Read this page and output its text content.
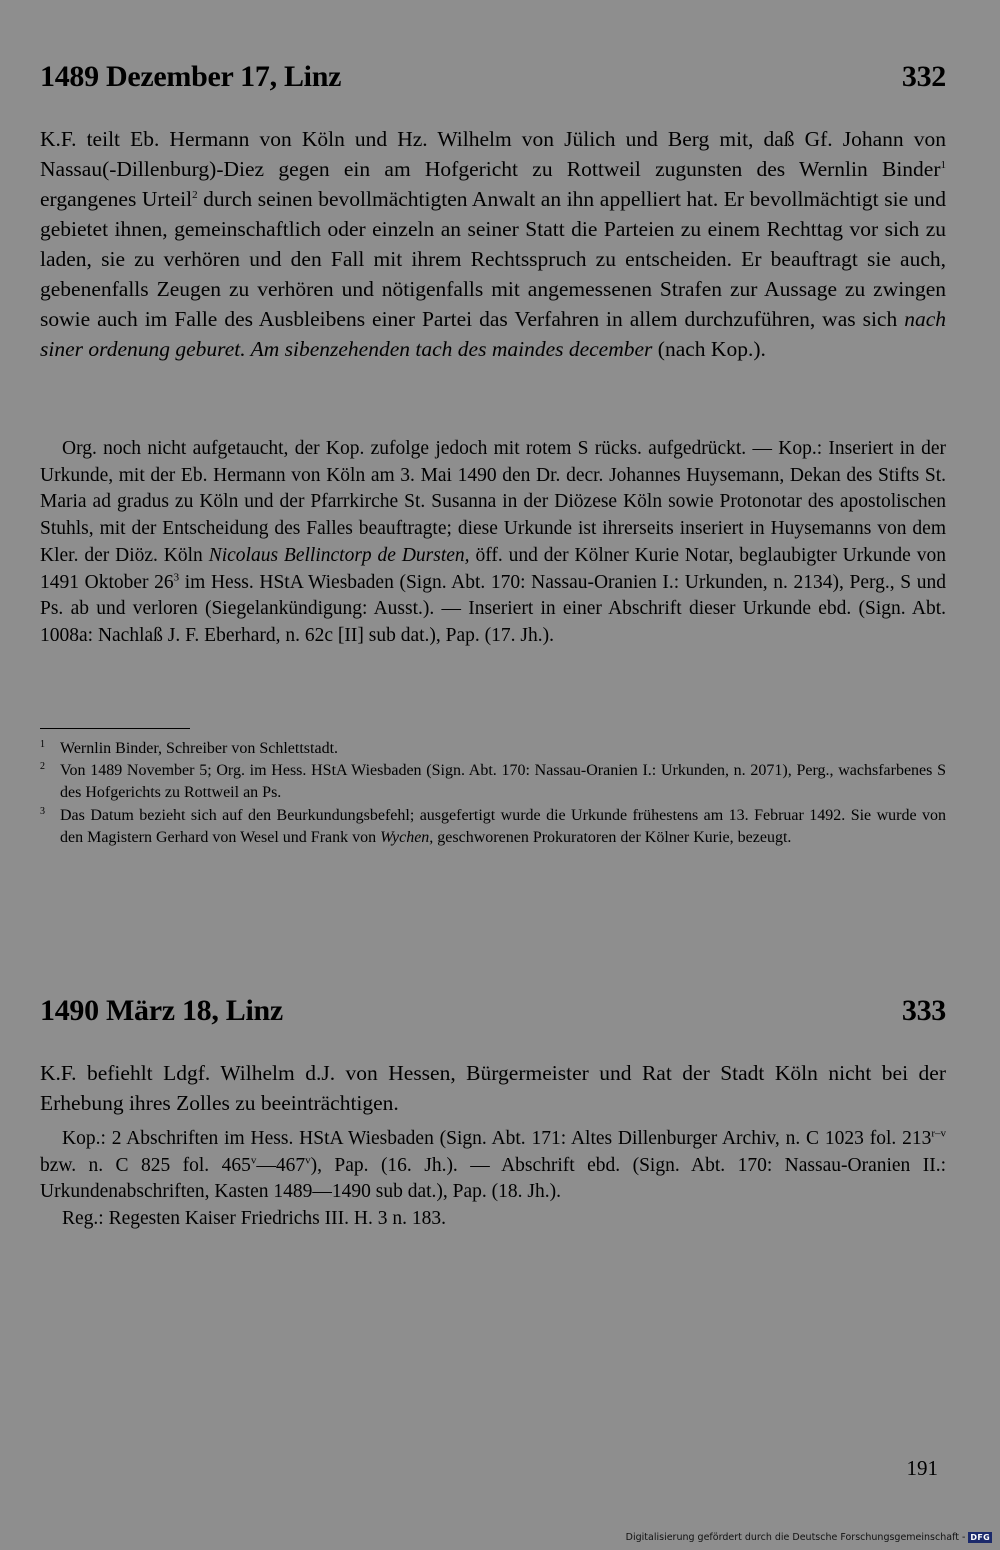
1489 Dezember 17, Linz	332

K.F. teilt Eb. Hermann von Köln und Hz. Wilhelm von Jülich und Berg mit, daß Gf. Johann von Nassau(-Dillenburg)-Diez gegen ein am Hofgericht zu Rottweil zugunsten des Wernlin Binder$^1$ ergangenes Urteil$^2$ durch seinen bevollmächtigten Anwalt an ihn appelliert hat. Er bevollmächtigt sie und gebietet ihnen, gemeinschaftlich oder einzeln an seiner Statt die Parteien zu einem Rechttag vor sich zu laden, sie zu verhören und den Fall mit ihrem Rechtsspruch zu entscheiden. Er beauftragt sie auch, gebenenfalls Zeugen zu verhören und nötigenfalls mit angemessenen Strafen zur Aussage zu zwingen sowie auch im Falle des Ausbleibens einer Partei das Verfahren in allem durchzuführen, was sich nach siner ordenung geburet. Am sibenzehenden tach des maindes december (nach Kop.).

Org. noch nicht aufgetaucht, der Kop. zufolge jedoch mit rotem S rücks. aufgedrückt. — Kop.: Inseriert in der Urkunde, mit der Eb. Hermann von Köln am 3. Mai 1490 den Dr. decr. Johannes Huysemann, Dekan des Stifts St. Maria ad gradus zu Köln und der Pfarrkirche St. Susanna in der Diözese Köln sowie Protonotar des apostolischen Stuhls, mit der Entscheidung des Falles beauftragte; diese Urkunde ist ihrerseits inseriert in Huysemanns von dem Kler. der Diöz. Köln Nicolaus Bellinctorp de Dursten, öff. und der Kölner Kurie Notar, beglaubigter Urkunde von 1491 Oktober $26^3$ im Hess. HStA Wiesbaden (Sign. Abt. 170: Nassau-Oranien I.: Urkunden, n. 2134), Perg., S und Ps. ab und verloren (Siegelankündigung: Ausst.). — Inseriert in einer Abschrift dieser Urkunde ebd. (Sign. Abt. 1008a: Nachlaß J. F. Eberhard, n. 62c [II] sub dat.), Pap. (17. Jh.).

1 Wernlin Binder, Schreiber von Schlettstadt.
2 Von 1489 November 5; Org. im Hess. HStA Wiesbaden (Sign. Abt. 170: Nassau-Oranien I.: Urkunden, n. 2071), Perg., wachsfarbenes S des Hofgerichts zu Rottweil an Ps.
3 Das Datum bezieht sich auf den Beurkundungsbefehl; ausgefertigt wurde die Urkunde frühestens am 13. Februar 1492. Sie wurde von den Magistern Gerhard von Wesel und Frank von Wychen, geschworenen Prokuratoren der Kölner Kurie, bezeugt.
1490 März 18, Linz	333

K.F. befiehlt Ldgf. Wilhelm d.J. von Hessen, Bürgermeister und Rat der Stadt Köln nicht bei der Erhebung ihres Zolles zu beeinträchtigen.

Kop.: 2 Abschriften im Hess. HStA Wiesbaden (Sign. Abt. 171: Altes Dillenburger Archiv, n. C 1023 fol. 213$^{r-v}$ bzw. n. C 825 fol. 465$^v$—467$^v$), Pap. (16. Jh.). — Abschrift ebd. (Sign. Abt. 170: Nassau-Oranien II.: Urkundenabschriften, Kasten 1489—1490 sub dat.), Pap. (18. Jh.).

Reg.: Regesten Kaiser Friedrichs III. H. 3 n. 183.

191
Digitalisierung gefördert durch die Deutsche Forschungsgemeinschaft - DFG
